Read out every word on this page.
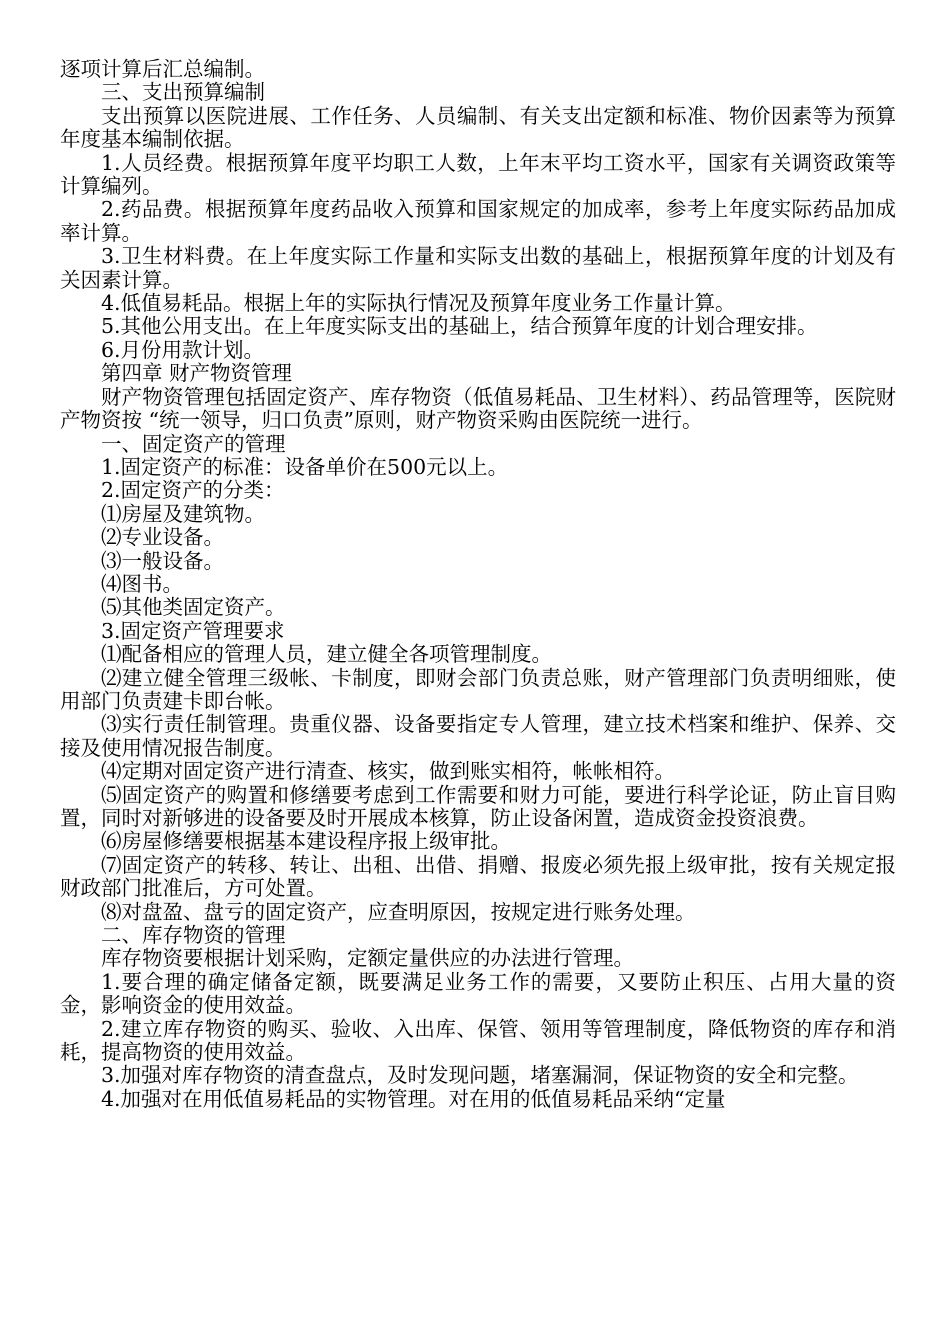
逐项计算后汇总编制。

三、支出预算编制

支出预算以医院进展、工作任务、人员编制、有关支出定额和标准、物价因素等为预算年度基本编制依据。

1.人员经费。根据预算年度平均职工人数，上年末平均工资水平，国家有关调资政策等计算编列。

2.药品费。根据预算年度药品收入预算和国家规定的加成率，参考上年度实际药品加成率计算。

3.卫生材料费。在上年度实际工作量和实际支出数的基础上，根据预算年度的计划及有关因素计算。

4.低值易耗品。根据上年的实际执行情况及预算年度业务工作量计算。

5.其他公用支出。在上年度实际支出的基础上，结合预算年度的计划合理安排。

6.月份用款计划。

第四章 财产物资管理

财产物资管理包括固定资产、库存物资（低值易耗品、卫生材料）、药品管理等，医院财产物资按 “统一领导，归口负责”原则，财产物资采购由医院统一进行。

一、固定资产的管理

1.固定资产的标准：设备单价在500元以上。

2.固定资产的分类：

⑴房屋及建筑物。

⑵专业设备。

⑶一般设备。

⑷图书。

⑸其他类固定资产。

3.固定资产管理要求

⑴配备相应的管理人员，建立健全各项管理制度。

⑵建立健全管理三级帐、卡制度，即财会部门负责总账，财产管理部门负责明细账，使用部门负责建卡即台帐。

⑶实行责任制管理。贵重仪器、设备要指定专人管理，建立技术档案和维护、保养、交接及使用情况报告制度。

⑷定期对固定资产进行清查、核实，做到账实相符，帐帐相符。

⑸固定资产的购置和修缮要考虑到工作需要和财力可能，要进行科学论证，防止盲目购置，同时对新够进的设备要及时开展成本核算，防止设备闲置，造成资金投资浪费。

⑹房屋修缮要根据基本建设程序报上级审批。

⑺固定资产的转移、转让、出租、出借、捐赠、报废必须先报上级审批，按有关规定报财政部门批准后，方可处置。

⑻对盘盈、盘亏的固定资产，应查明原因，按规定进行账务处理。

二、库存物资的管理

库存物资要根据计划采购，定额定量供应的办法进行管理。

1.要合理的确定储备定额，既要满足业务工作的需要，又要防止积压、占用大量的资金，影响资金的使用效益。

2.建立库存物资的购买、验收、入出库、保管、领用等管理制度，降低物资的库存和消耗，提高物资的使用效益。

3.加强对库存物资的清查盘点，及时发现问题，堵塞漏洞，保证物资的安全和完整。

4.加强对在用低值易耗品的实物管理。对在用的低值易耗品采纳“定量
